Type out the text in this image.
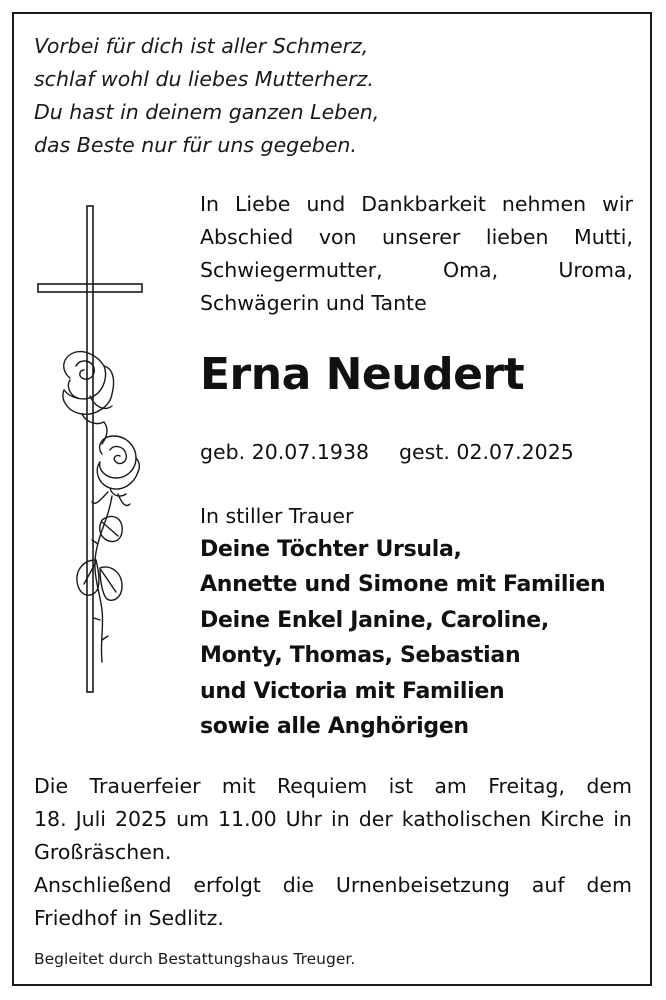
Vorbei für dich ist aller Schmerz,
schlaf wohl du liebes Mutterherz.
Du hast in deinem ganzen Leben,
das Beste nur für uns gegeben.
In Liebe und Dankbarkeit nehmen wir
Abschied von unserer lieben Mutti,
Schwiegermutter,	Oma,	Uroma,
Schwägerin und Tante
Erna Neudert
geb. 20.07.1938 gest. 02.07.2025
In stiller Trauer
Deine Töchter Ursula,
Annette und Simone mit Familien
Deine Enkel Janine, Caroline,
Monty, Thomas, Sebastian
und Victoria mit Familien
sowie alle Anghörigen
Die Trauerfeier mit Requiem ist am Freitag, dem
18. Juli 2025 um 11.00 Uhr in der katholischen Kirche in
Großräschen.
Anschließend erfolgt die Urnenbeisetzung auf dem
Friedhof in Sedlitz.
Begleitet durch Bestattungshaus Treuger.
